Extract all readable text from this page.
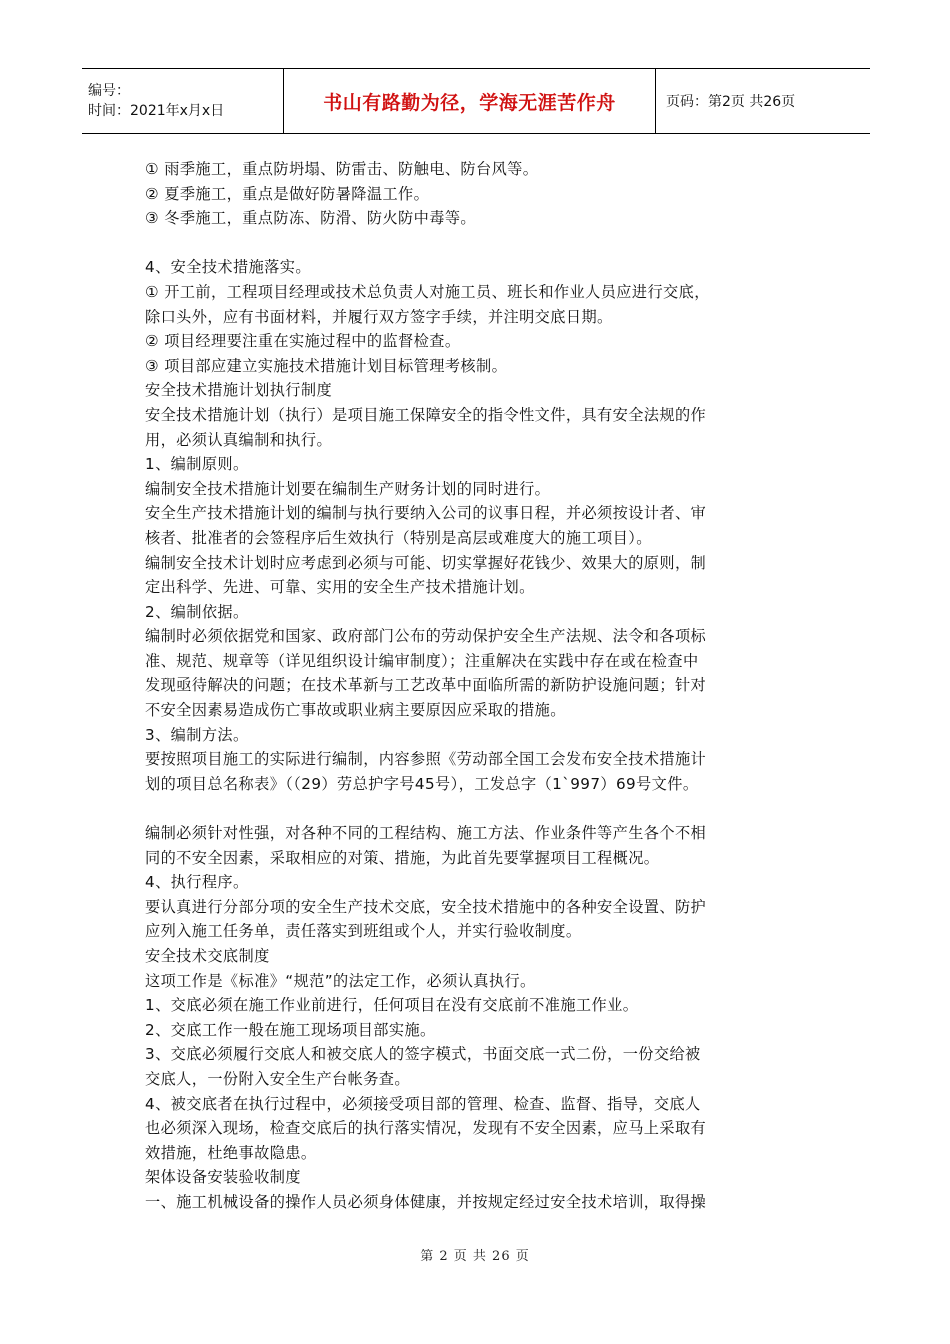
编号：
时间：2021年x月x日	书山有路勤为径，学海无涯苦作舟	页码：第2页 共26页

① 雨季施工，重点防坍塌、防雷击、防触电、防台风等。

② 夏季施工，重点是做好防暑降温工作。

③ 冬季施工，重点防冻、防滑、防火防中毒等。

4、安全技术措施落实。

① 开工前，工程项目经理或技术总负责人对施工员、班长和作业人员应进行交底，

除口头外，应有书面材料，并履行双方签字手续，并注明交底日期。

② 项目经理要注重在实施过程中的监督检查。

③ 项目部应建立实施技术措施计划目标管理考核制。

安全技术措施计划执行制度

安全技术措施计划（执行）是项目施工保障安全的指令性文件，具有安全法规的作

用，必须认真编制和执行。

1、编制原则。

编制安全技术措施计划要在编制生产财务计划的同时进行。

安全生产技术措施计划的编制与执行要纳入公司的议事日程，并必须按设计者、审

核者、批准者的会签程序后生效执行（特别是高层或难度大的施工项目）。

编制安全技术计划时应考虑到必须与可能、切实掌握好花钱少、效果大的原则，制

定出科学、先进、可靠、实用的安全生产技术措施计划。

2、编制依据。

编制时必须依据党和国家、政府部门公布的劳动保护安全生产法规、法令和各项标

准、规范、规章等（详见组织设计编审制度）；注重解决在实践中存在或在检查中

发现亟待解决的问题；在技术革新与工艺改革中面临所需的新防护设施问题；针对

不安全因素易造成伤亡事故或职业病主要原因应采取的措施。

3、编制方法。

要按照项目施工的实际进行编制，内容参照《劳动部全国工会发布安全技术措施计

划的项目总名称表》（（29）劳总护字号45号），工发总字（1`997）69号文件。

编制必须针对性强，对各种不同的工程结构、施工方法、作业条件等产生各个不相

同的不安全因素，采取相应的对策、措施，为此首先要掌握项目工程概况。

4、执行程序。

要认真进行分部分项的安全生产技术交底，安全技术措施中的各种安全设置、防护

应列入施工任务单，责任落实到班组或个人，并实行验收制度。

安全技术交底制度

这项工作是《标准》“规范”的法定工作，必须认真执行。

1、交底必须在施工作业前进行，任何项目在没有交底前不准施工作业。

2、交底工作一般在施工现场项目部实施。

3、交底必须履行交底人和被交底人的签字模式，书面交底一式二份，一份交给被

交底人，一份附入安全生产台帐务查。

4、被交底者在执行过程中，必须接受项目部的管理、检查、监督、指导，交底人

也必须深入现场，检查交底后的执行落实情况，发现有不安全因素，应马上采取有

效措施，杜绝事故隐患。

架体设备安装验收制度

一、施工机械设备的操作人员必须身体健康，并按规定经过安全技术培训，取得操

第 2 页 共 26 页
